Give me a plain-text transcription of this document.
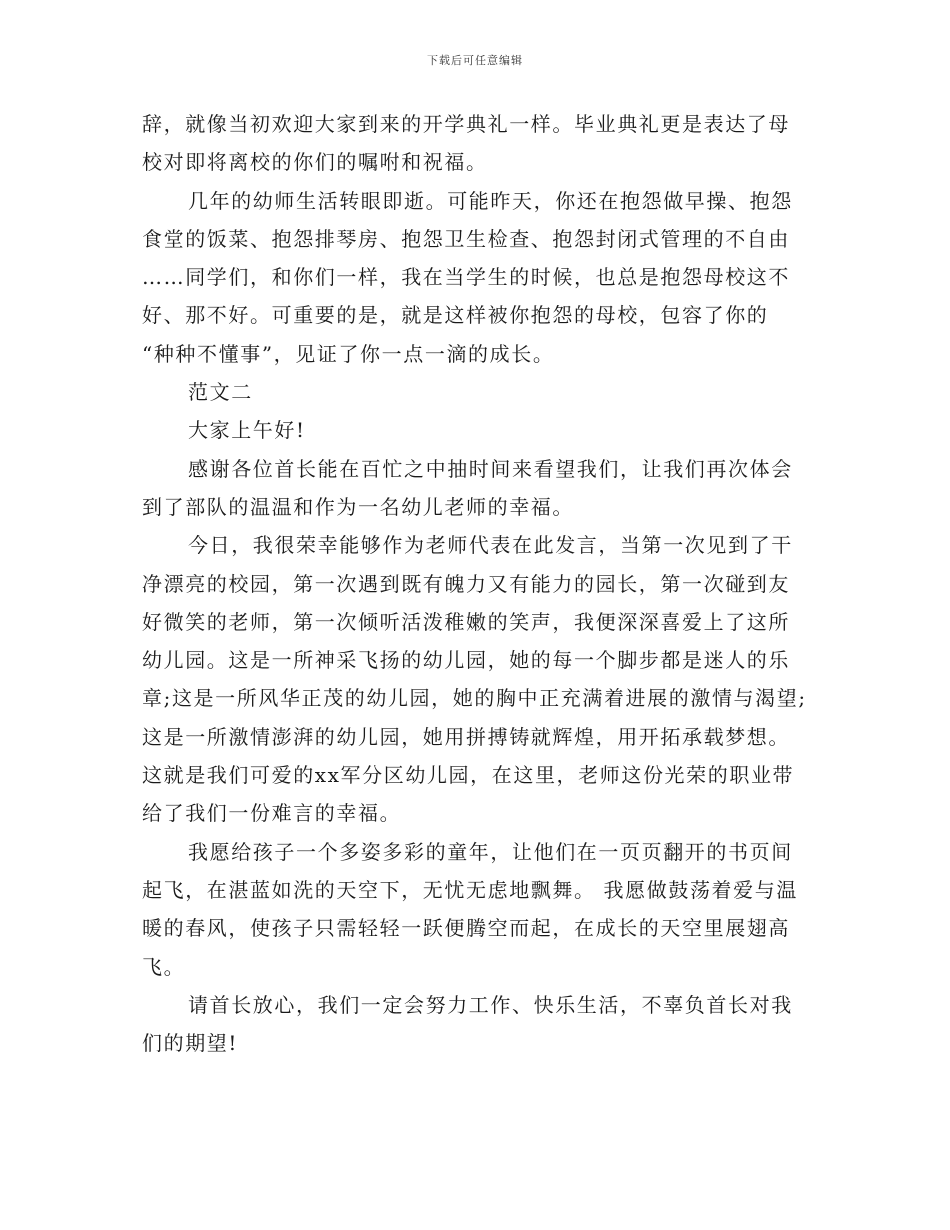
下载后可任意编辑
辞，就像当初欢迎大家到来的开学典礼一样。毕业典礼更是表达了母
校对即将离校的你们的嘱咐和祝福。
几年的幼师生活转眼即逝。可能昨天，你还在抱怨做早操、抱怨
食堂的饭菜、抱怨排琴房、抱怨卫生检查、抱怨封闭式管理的不自由
……同学们，和你们一样，我在当学生的时候，也总是抱怨母校这不
好、那不好。可重要的是，就是这样被你抱怨的母校，包容了你的
“种种不懂事”，见证了你一点一滴的成长。
范文二
大家上午好!
感谢各位首长能在百忙之中抽时间来看望我们，让我们再次体会
到了部队的温温和作为一名幼儿老师的幸福。
今日，我很荣幸能够作为老师代表在此发言，当第一次见到了干
净漂亮的校园，第一次遇到既有魄力又有能力的园长，第一次碰到友
好微笑的老师，第一次倾听活泼稚嫩的笑声，我便深深喜爱上了这所
幼儿园。这是一所神采飞扬的幼儿园，她的每一个脚步都是迷人的乐
章;这是一所风华正茂的幼儿园，她的胸中正充满着进展的激情与渴望;
这是一所激情澎湃的幼儿园，她用拼搏铸就辉煌，用开拓承载梦想。
这就是我们可爱的xx军分区幼儿园，在这里，老师这份光荣的职业带
给了我们一份难言的幸福。
我愿给孩子一个多姿多彩的童年，让他们在一页页翻开的书页间
起飞，在湛蓝如洗的天空下，无忧无虑地飘舞。 我愿做鼓荡着爱与温
暖的春风，使孩子只需轻轻一跃便腾空而起，在成长的天空里展翅高
飞。
请首长放心，我们一定会努力工作、快乐生活，不辜负首长对我
们的期望!
